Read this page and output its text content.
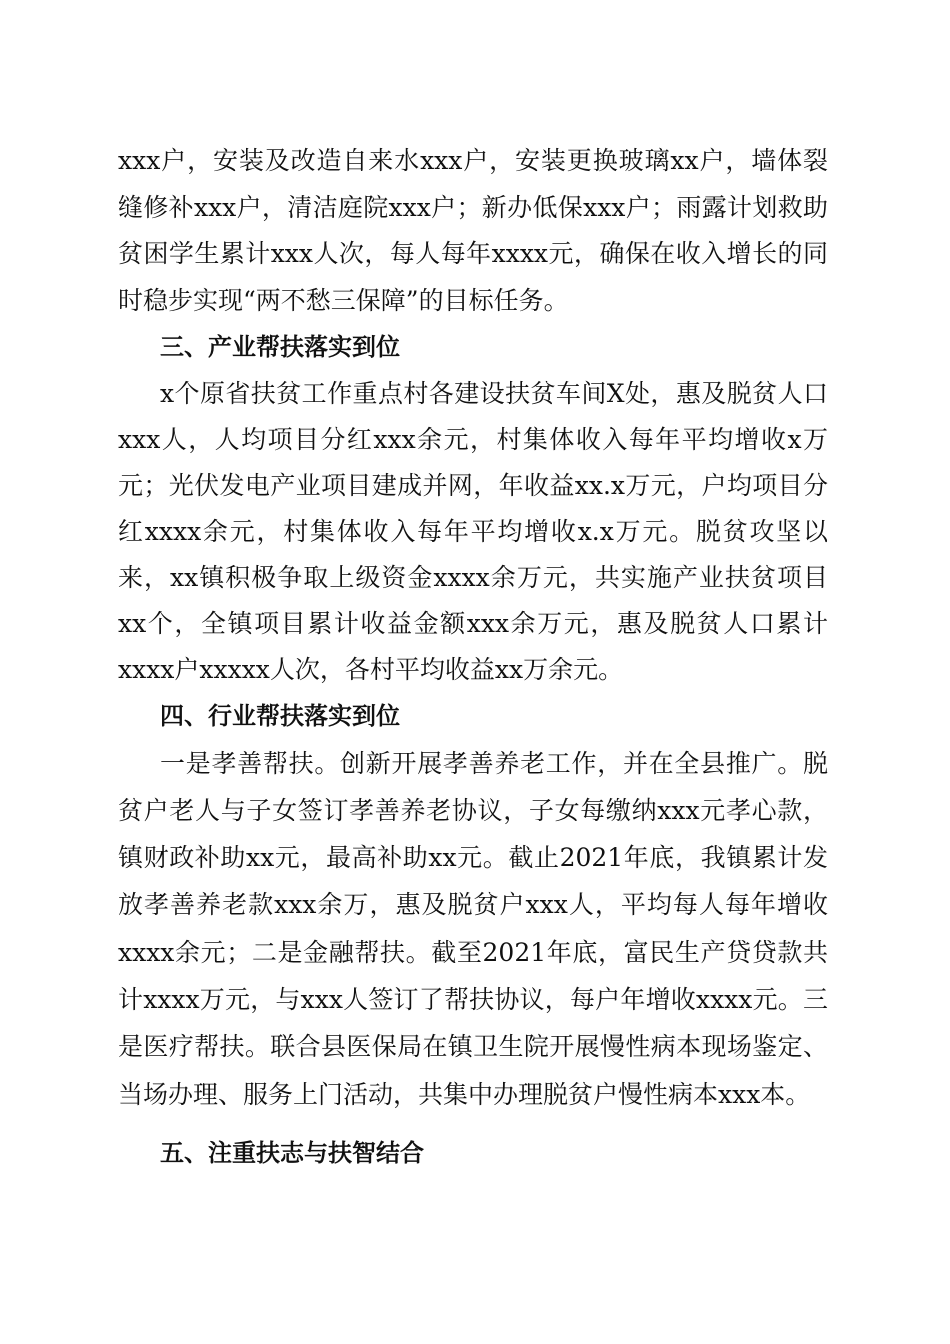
xxx户，安装及改造自来水xxx户，安装更换玻璃xx户，墙体裂缝修补xxx户，清洁庭院xxx户；新办低保xxx户；雨露计划救助贫困学生累计xxx人次，每人每年xxxx元，确保在收入增长的同时稳步实现“两不愁三保障”的目标任务。

三、产业帮扶落实到位

x个原省扶贫工作重点村各建设扶贫车间X处，惠及脱贫人口xxx人，人均项目分红xxx余元，村集体收入每年平均增收x万元；光伏发电产业项目建成并网，年收益xx.x万元，户均项目分红xxxx余元，村集体收入每年平均增收x.x万元。脱贫攻坚以来，xx镇积极争取上级资金xxxx余万元，共实施产业扶贫项目xx个，全镇项目累计收益金额xxx余万元，惠及脱贫人口累计xxxx户xxxxx人次，各村平均收益xx万余元。

四、行业帮扶落实到位

一是孝善帮扶。创新开展孝善养老工作，并在全县推广。脱贫户老人与子女签订孝善养老协议，子女每缴纳xxx元孝心款，镇财政补助xx元，最高补助xx元。截止2021年底，我镇累计发放孝善养老款xxx余万，惠及脱贫户xxx人，平均每人每年增收xxxx余元；二是金融帮扶。截至2021年底，富民生产贷贷款共计xxxx万元，与xxx人签订了帮扶协议，每户年增收xxxx元。三是医疗帮扶。联合县医保局在镇卫生院开展慢性病本现场鉴定、当场办理、服务上门活动，共集中办理脱贫户慢性病本xxx本。

五、注重扶志与扶智结合
